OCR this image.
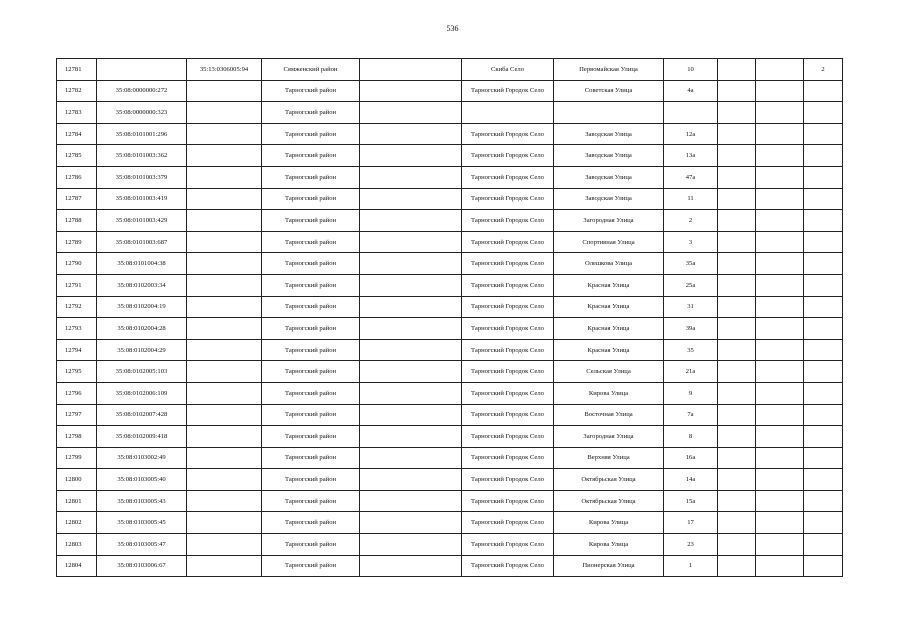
536
12781		35:13:0306005:94	Сямженский район		Скиба Село	Первомайская Улица	10			2
12782	35:08:0000000:272		Тарногский район		Тарногский Городок Село	Советская Улица	4а			
12783	35:08:0000000:323		Тарногский район							
12784	35:08:0101001:296		Тарногский район		Тарногский Городок Село	Заводская Улица	12а			
12785	35:08:0101003:362		Тарногский район		Тарногский Городок Село	Заводская Улица	13а			
12786	35:08:0101003:379		Тарногский район		Тарногский Городок Село	Заводская Улица	47а			
12787	35:08:0101003:419		Тарногский район		Тарногский Городок Село	Заводская Улица	11			
12788	35:08:0101003:429		Тарногский район		Тарногский Городок Село	Загородная Улица	2			
12789	35:08:0101003:687		Тарногский район		Тарногский Городок Село	Спортивная Улица	3			
12790	35:08:0101004:38		Тарногский район		Тарногский Городок Село	Олешкова Улица	35а			
12791	35:08:0102003:34		Тарногский район		Тарногский Городок Село	Красная Улица	25а			
12792	35:08:0102004:19		Тарногский район		Тарногский Городок Село	Красная Улица	31			
12793	35:08:0102004:28		Тарногский район		Тарногский Городок Село	Красная Улица	39а			
12794	35:08:0102004:29		Тарногский район		Тарногский Городок Село	Красная Улица	35			
12795	35:08:0102005:103		Тарногский район		Тарногский Городок Село	Сельская Улица	21а			
12796	35:08:0102006:109		Тарногский район		Тарногский Городок Село	Кирова Улица	9			
12797	35:08:0102007:428		Тарногский район		Тарногский Городок Село	Восточная Улица	7а			
12798	35:08:0102009:418		Тарногский район		Тарногский Городок Село	Загородная Улица	8			
12799	35:08:0103002:49		Тарногский район		Тарногский Городок Село	Верхняя Улица	16а			
12800	35:08:0103005:40		Тарногский район		Тарногский Городок Село	Октябрьская Улица	14а			
12801	35:08:0103005:43		Тарногский район		Тарногский Городок Село	Октябрьская Улица	15а			
12802	35:08:0103005:45		Тарногский район		Тарногский Городок Село	Кирова Улица	17			
12803	35:08:0103005:47		Тарногский район		Тарногский Городок Село	Кирова Улица	23			
12804	35:08:0103006:67		Тарногский район		Тарногский Городок Село	Пионерская Улица	1			
